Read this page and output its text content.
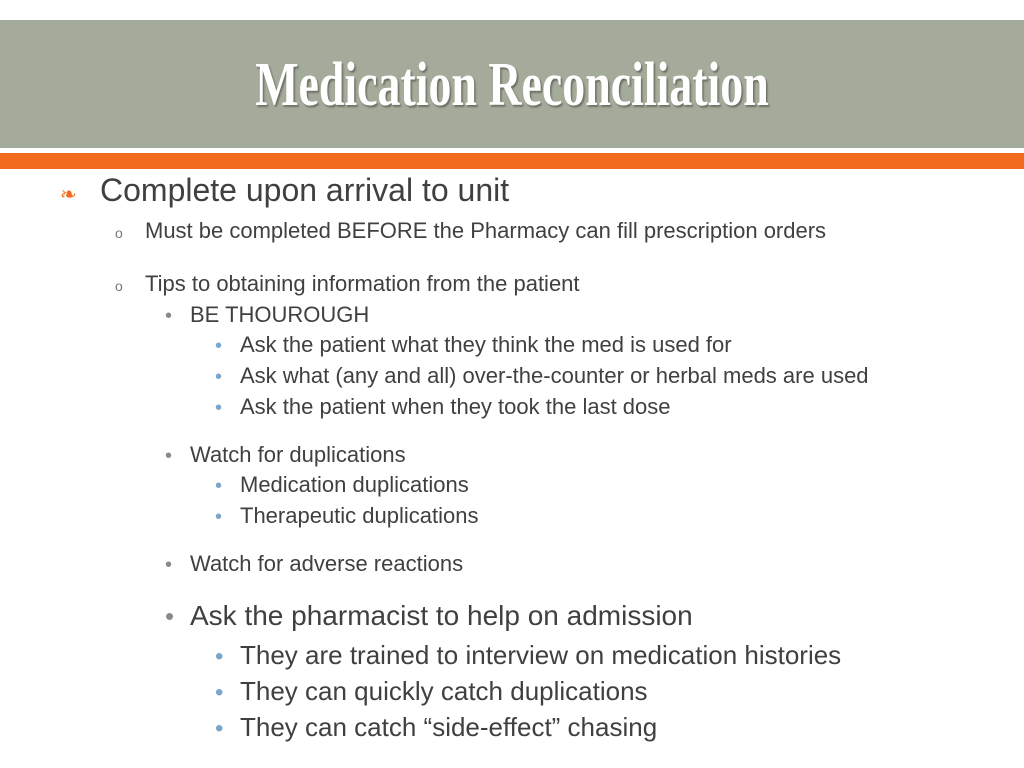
Medication Reconciliation
❧ Complete upon arrival to unit
o Must be completed BEFORE the Pharmacy can fill prescription orders
o Tips to obtaining information from the patient
• BE THOUROUGH
• Ask the patient what they think the med is used for
• Ask what (any and all) over-the-counter or herbal meds are used
• Ask the patient when they took the last dose
• Watch for duplications
• Medication duplications
• Therapeutic duplications
• Watch for adverse reactions
• Ask the pharmacist to help on admission
• They are trained to interview on medication histories
• They can quickly catch duplications
• They can catch “side-effect” chasing
